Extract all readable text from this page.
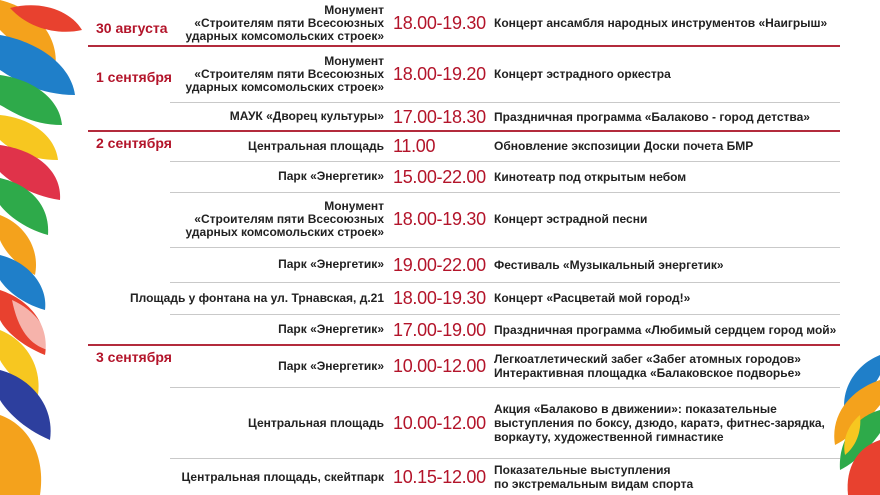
30 августа
Монумент
«Строителям пяти Всесоюзных
ударных комсомольских строек»
18.00-19.30 Концерт ансамбля народных инструментов «Наигрыш»
1 сентября
Монумент
«Строителям пяти Всесоюзных
ударных комсомольских строек»
18.00-19.20 Концерт эстрадного оркестра
МАУК «Дворец культуры» 17.00-18.30 Праздничная программа «Балаково - город детства»
2 сентября	Центральная площадь 11.00	Обновление экспозиции Доски почета БМР
Парк «Энергетик» 15.00-22.00 Кинотеатр под открытым небом
Монумент
«Строителям пяти Всесоюзных
ударных комсомольских строек»
18.00-19.30 Концерт эстрадной песни
Парк «Энергетик» 19.00-22.00 Фестиваль «Музыкальный энергетик»
Площадь у фонтана на ул. Трнавская, д.21 18.00-19.30 Концерт «Расцветай мой город!»
Парк «Энергетик» 17.00-19.00 Праздничная программа «Любимый сердцем город мой»
3 сентября
Парк «Энергетик» 10.00-12.00 Легкоатлетический забег «Забег атомных городов»
Интерактивная площадка «Балаковское подворье»
Центральная площадь 10.00-12.00
Акция «Балаково в движении»: показательные
выступления по боксу, дзюдо, каратэ, фитнес-зарядка,
воркауту, художественной гимнастике
Центральная площадь, скейтпарк 10.15-12.00 Показательные выступления
по экстремальным видам спорта
